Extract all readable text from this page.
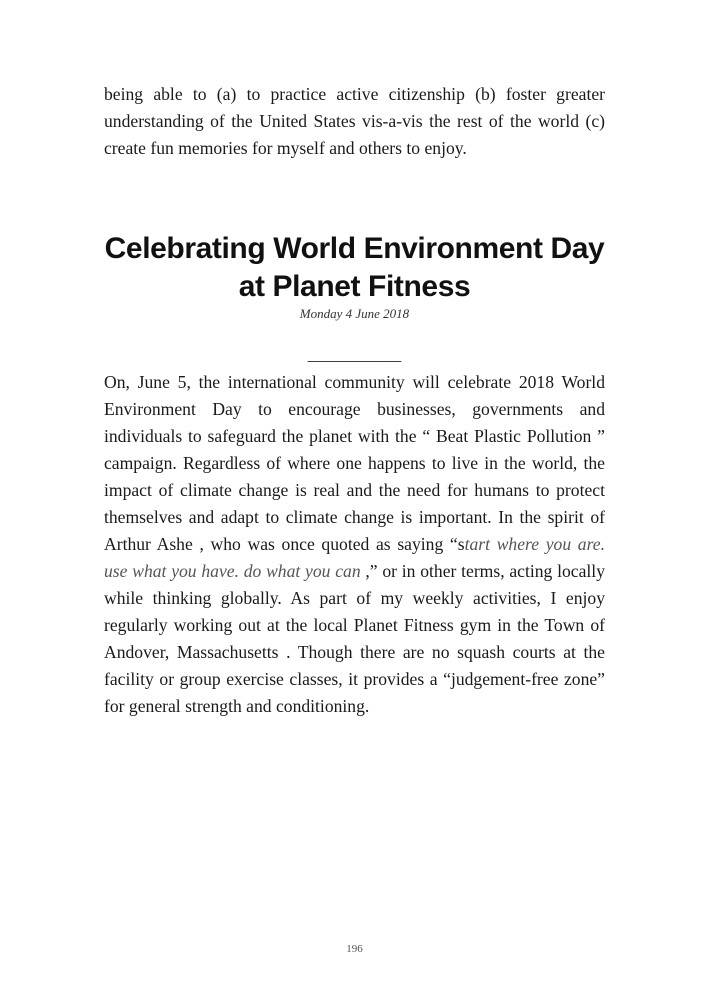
being able to (a) to practice active citizenship (b) foster greater understanding of the United States vis-a-vis the rest of the world (c) create fun memories for myself and others to enjoy.

Celebrating World Environment Day
at Planet Fitness
Monday 4 June 2018
___________

On, June 5, the international community will celebrate 2018 World Environment Day to encourage businesses, governments and individuals to safeguard the planet with the “ Beat Plastic Pollution ” campaign. Regardless of where one happens to live in the world, the impact of climate change is real and the need for humans to protect themselves and adapt to climate change is important. In the spirit of Arthur Ashe , who was once quoted as saying “start where you are. use what you have. do what you can ,” or in other terms, acting locally while thinking globally. As part of my weekly activities, I enjoy regularly working out at the local Planet Fitness gym in the Town of Andover, Massachusetts . Though there are no squash courts at the facility or group exercise classes, it provides a “judgement-free zone” for general strength and conditioning.

196
